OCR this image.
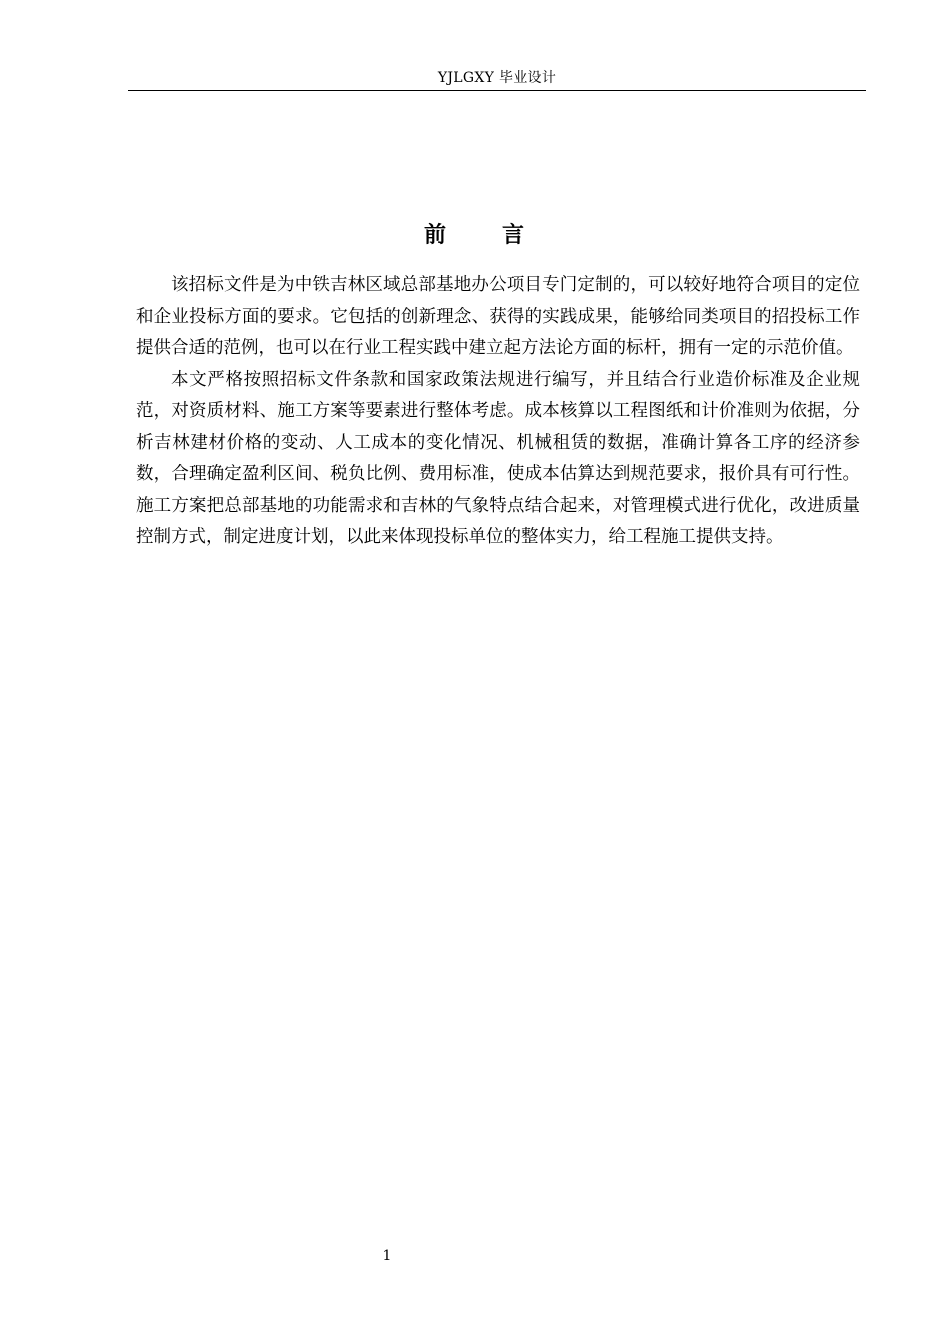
YJLGXY 毕业设计
前 言

该招标文件是为中铁吉林区域总部基地办公项目专门定制的，可以较好地符合项目的定位和企业投标方面的要求。它包括的创新理念、获得的实践成果，能够给同类项目的招投标工作提供合适的范例，也可以在行业工程实践中建立起方法论方面的标杆，拥有一定的示范价值。

本文严格按照招标文件条款和国家政策法规进行编写，并且结合行业造价标准及企业规范，对资质材料、施工方案等要素进行整体考虑。成本核算以工程图纸和计价准则为依据，分析吉林建材价格的变动、人工成本的变化情况、机械租赁的数据，准确计算各工序的经济参数，合理确定盈利区间、税负比例、费用标准，使成本估算达到规范要求，报价具有可行性。施工方案把总部基地的功能需求和吉林的气象特点结合起来，对管理模式进行优化，改进质量控制方式，制定进度计划，以此来体现投标单位的整体实力，给工程施工提供支持。

1
